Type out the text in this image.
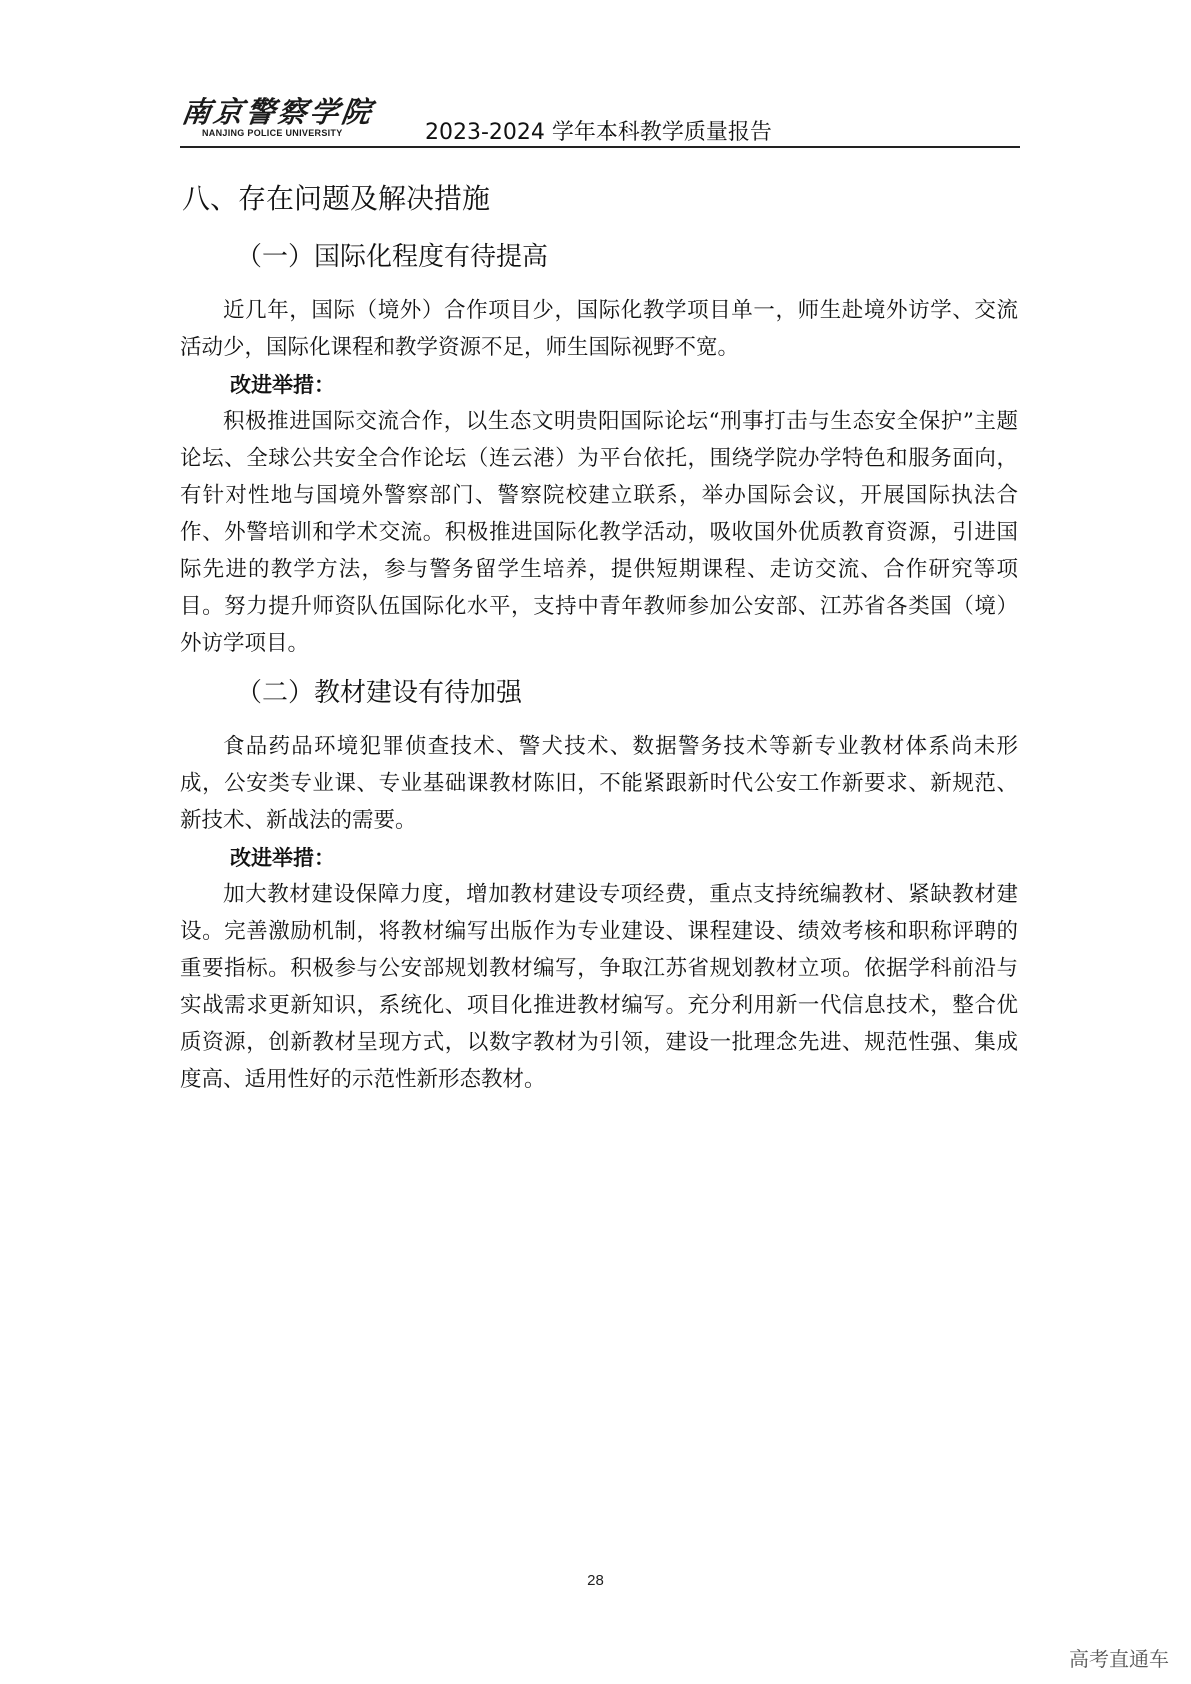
南京警察学院
NANJING POLICE UNIVERSITY	2023-2024 学年本科教学质量报告
八、存在问题及解决措施
（一）国际化程度有待提高

近几年，国际（境外）合作项目少，国际化教学项目单一，师生赴境外访学、交流活动少，国际化课程和教学资源不足，师生国际视野不宽。

改进举措：

积极推进国际交流合作，以生态文明贵阳国际论坛“刑事打击与生态安全保护”主题论坛、全球公共安全合作论坛（连云港）为平台依托，围绕学院办学特色和服务面向，有针对性地与国境外警察部门、警察院校建立联系，举办国际会议，开展国际执法合作、外警培训和学术交流。积极推进国际化教学活动，吸收国外优质教育资源，引进国际先进的教学方法，参与警务留学生培养，提供短期课程、走访交流、合作研究等项目。努力提升师资队伍国际化水平，支持中青年教师参加公安部、江苏省各类国（境）外访学项目。

（二）教材建设有待加强

食品药品环境犯罪侦查技术、警犬技术、数据警务技术等新专业教材体系尚未形成，公安类专业课、专业基础课教材陈旧，不能紧跟新时代公安工作新要求、新规范、新技术、新战法的需要。

改进举措：

加大教材建设保障力度，增加教材建设专项经费，重点支持统编教材、紧缺教材建设。完善激励机制，将教材编写出版作为专业建设、课程建设、绩效考核和职称评聘的重要指标。积极参与公安部规划教材编写，争取江苏省规划教材立项。依据学科前沿与实战需求更新知识，系统化、项目化推进教材编写。充分利用新一代信息技术，整合优质资源，创新教材呈现方式，以数字教材为引领，建设一批理念先进、规范性强、集成度高、适用性好的示范性新形态教材。

28
高考直通车
